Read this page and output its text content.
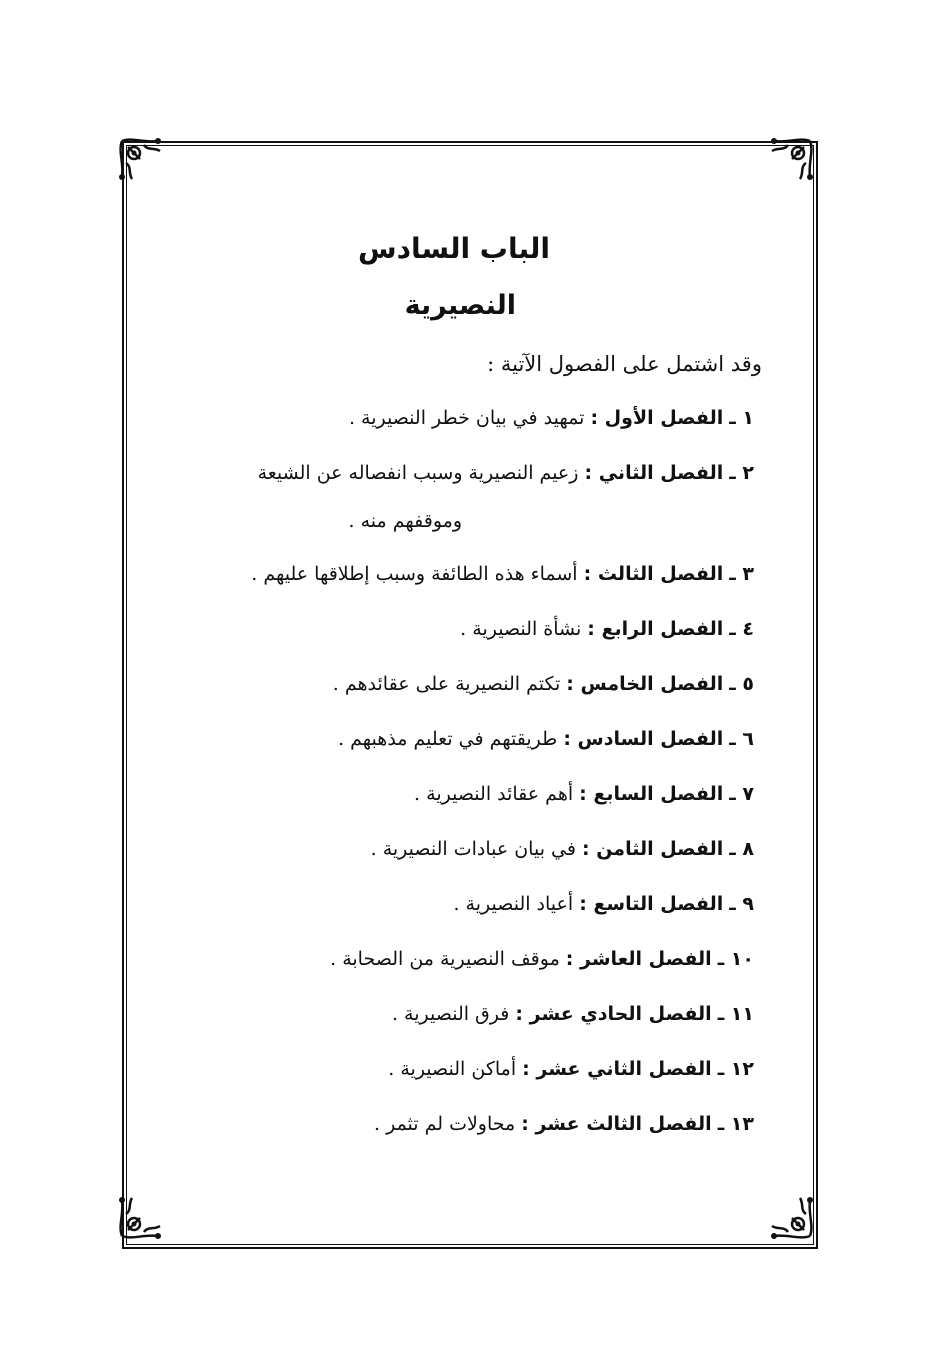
الباب السادس
النصيرية
وقد اشتمل على الفصول الآتية :
١ ـ الفصل الأول : تمهيد في بيان خطر النصيرية .
٢ ـ الفصل الثاني : زعيم النصيرية وسبب انفصاله عن الشيعة
وموقفهم منه .
٣ ـ الفصل الثالث : أسماء هذه الطائفة وسبب إطلاقها عليهم .
٤ ـ الفصل الرابع : نشأة النصيرية .
٥ ـ الفصل الخامس : تكتم النصيرية على عقائدهم .
٦ ـ الفصل السادس : طريقتهم في تعليم مذهبهم .
٧ ـ الفصل السابع : أهم عقائد النصيرية .
٨ ـ الفصل الثامن : في بيان عبادات النصيرية .
٩ ـ الفصل التاسع : أعياد النصيرية .
١٠ ـ الفصل العاشر : موقف النصيرية من الصحابة .
١١ ـ الفصل الحادي عشر : فرق النصيرية .
١٢ ـ الفصل الثاني عشر : أماكن النصيرية .
١٣ ـ الفصل الثالث عشر : محاولات لم تثمر .
